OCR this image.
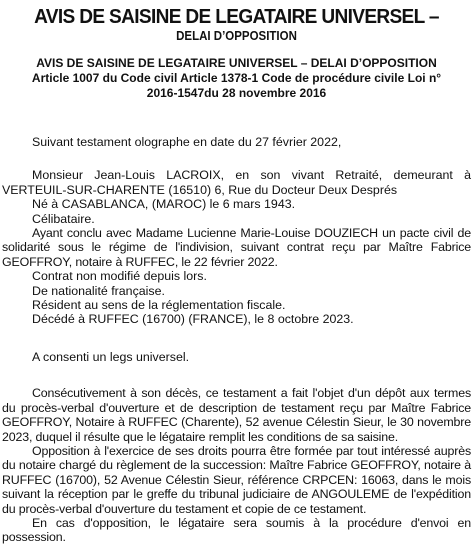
AVIS DE SAISINE DE LEGATAIRE UNIVERSEL –
DELAI D’OPPOSITION
AVIS DE SAISINE DE LEGATAIRE UNIVERSEL – DELAI D’OPPOSITION
Article 1007 du Code civil Article 1378-1 Code de procédure civile Loi n°
2016-1547du 28 novembre 2016

Suivant testament olographe en date du 27 février 2022,

Monsieur Jean-Louis LACROIX, en son vivant Retraité, demeurant à VERTEUIL-SUR-CHARENTE (16510) 6, Rue du Docteur Deux Després

Né à CASABLANCA, (MAROC) le 6 mars 1943.

Célibataire.

Ayant conclu avec Madame Lucienne Marie-Louise DOUZIECH un pacte civil de solidarité sous le régime de l'indivision, suivant contrat reçu par Maître Fabrice GEOFFROY, notaire à RUFFEC, le 22 février 2022.

Contrat non modifié depuis lors.

De nationalité française.

Résident au sens de la réglementation fiscale.

Décédé à RUFFEC (16700) (FRANCE), le 8 octobre 2023.

A consenti un legs universel.

Consécutivement à son décès, ce testament a fait l'objet d'un dépôt aux termes du procès-verbal d'ouverture et de description de testament reçu par Maître Fabrice GEOFFROY, Notaire à RUFFEC (Charente), 52 avenue Célestin Sieur, le 30 novembre 2023, duquel il résulte que le légataire remplit les conditions de sa saisine.

Opposition à l'exercice de ses droits pourra être formée par tout intéressé auprès du notaire chargé du règlement de la succession: Maître Fabrice GEOFFROY, notaire à RUFFEC (16700), 52 Avenue Célestin Sieur, référence CRPCEN: 16063, dans le mois suivant la réception par le greffe du tribunal judiciaire de ANGOULEME de l'expédition du procès-verbal d'ouverture du testament et copie de ce testament.

En cas d'opposition, le légataire sera soumis à la procédure d'envoi en possession.
